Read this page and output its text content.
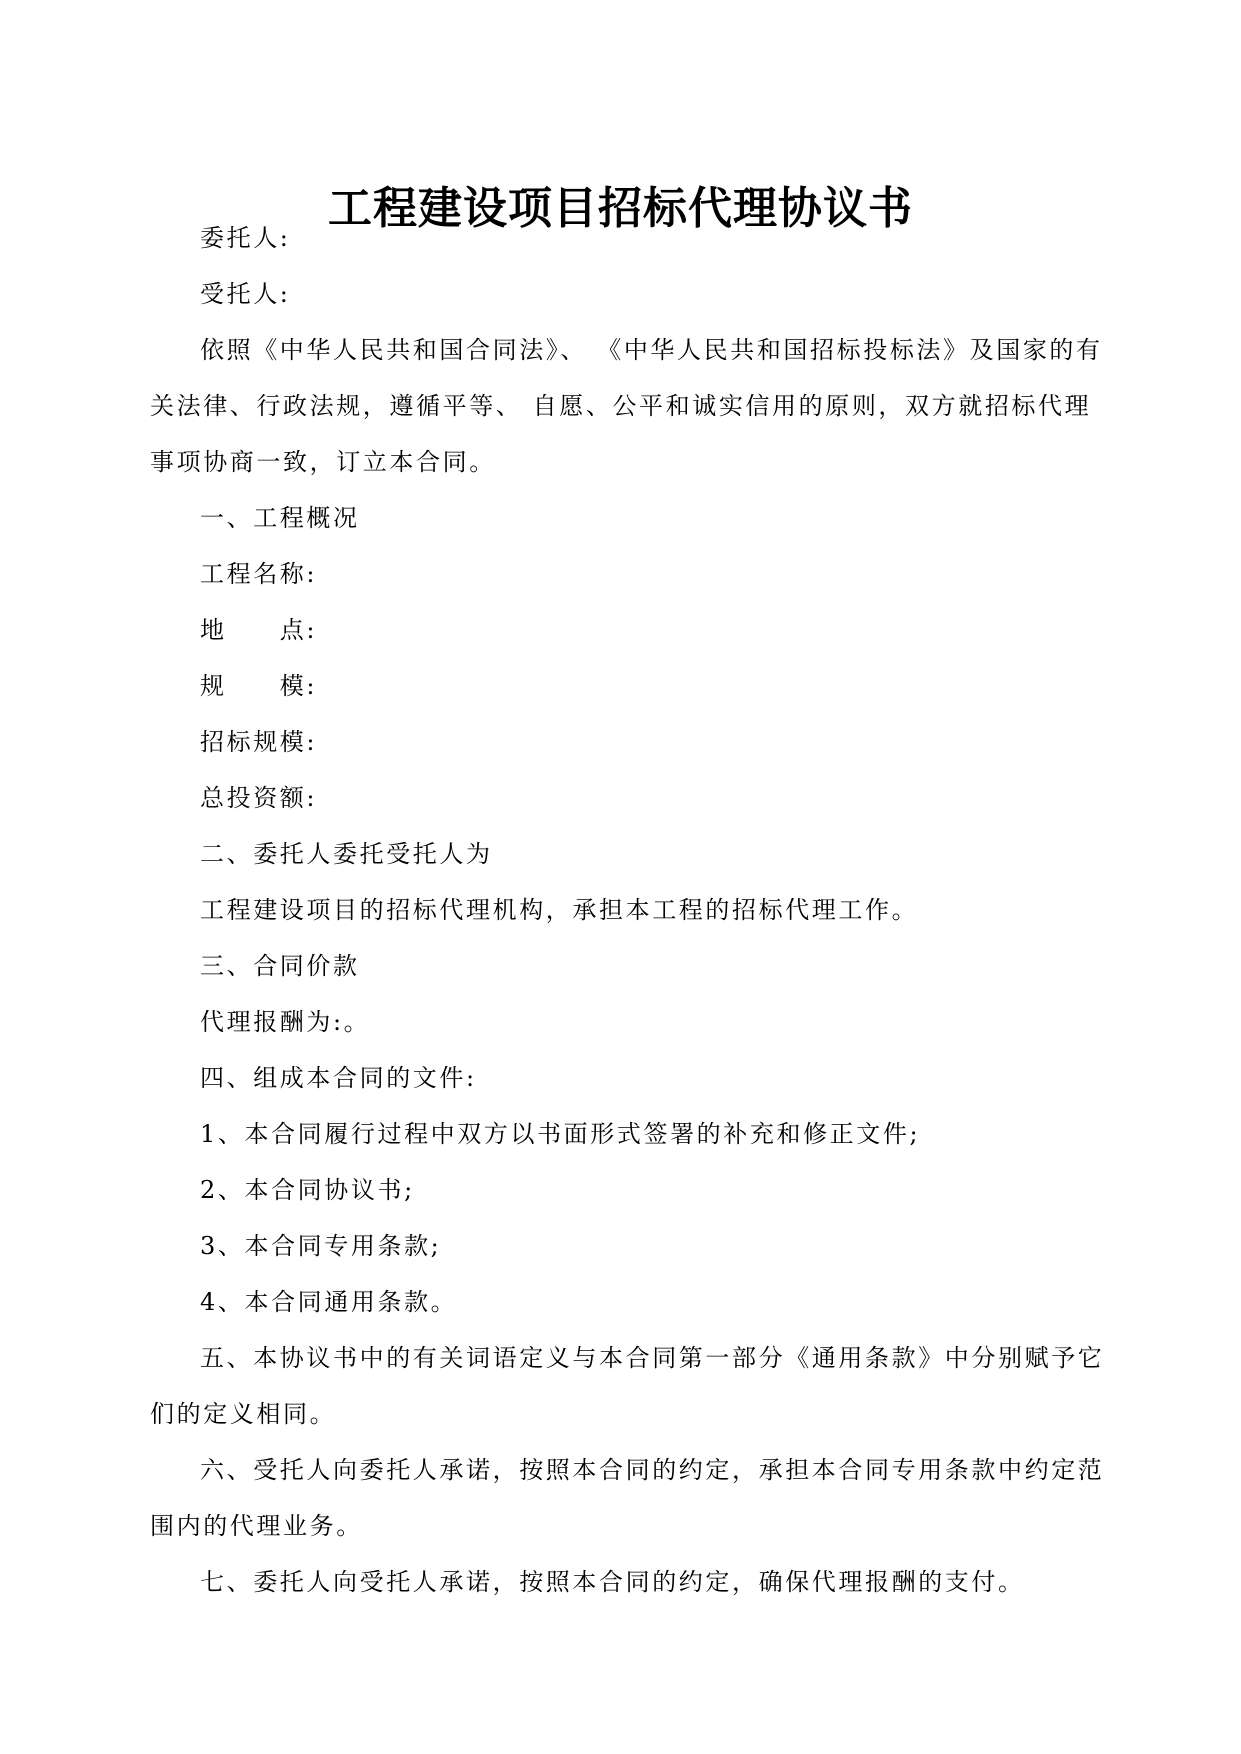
工程建设项目招标代理协议书

委托人:

受托人:

依照《中华人民共和国合同法》、 《中华人民共和国招标投标法》及国家的有关法律、行政法规，遵循平等、 自愿、公平和诚实信用的原则，双方就招标代理事项协商一致，订立本合同。

一、工程概况

工程名称:

地　　点:

规　　模:

招标规模:

总投资额:

二、委托人委托受托人为

工程建设项目的招标代理机构，承担本工程的招标代理工作。

三、合同价款

代理报酬为:。

四、组成本合同的文件:

1、本合同履行过程中双方以书面形式签署的补充和修正文件;

2、本合同协议书;

3、本合同专用条款;

4、本合同通用条款。

五、本协议书中的有关词语定义与本合同第一部分《通用条款》中分别赋予它们的定义相同。

六、受托人向委托人承诺，按照本合同的约定，承担本合同专用条款中约定范围内的代理业务。

七、委托人向受托人承诺，按照本合同的约定，确保代理报酬的支付。
